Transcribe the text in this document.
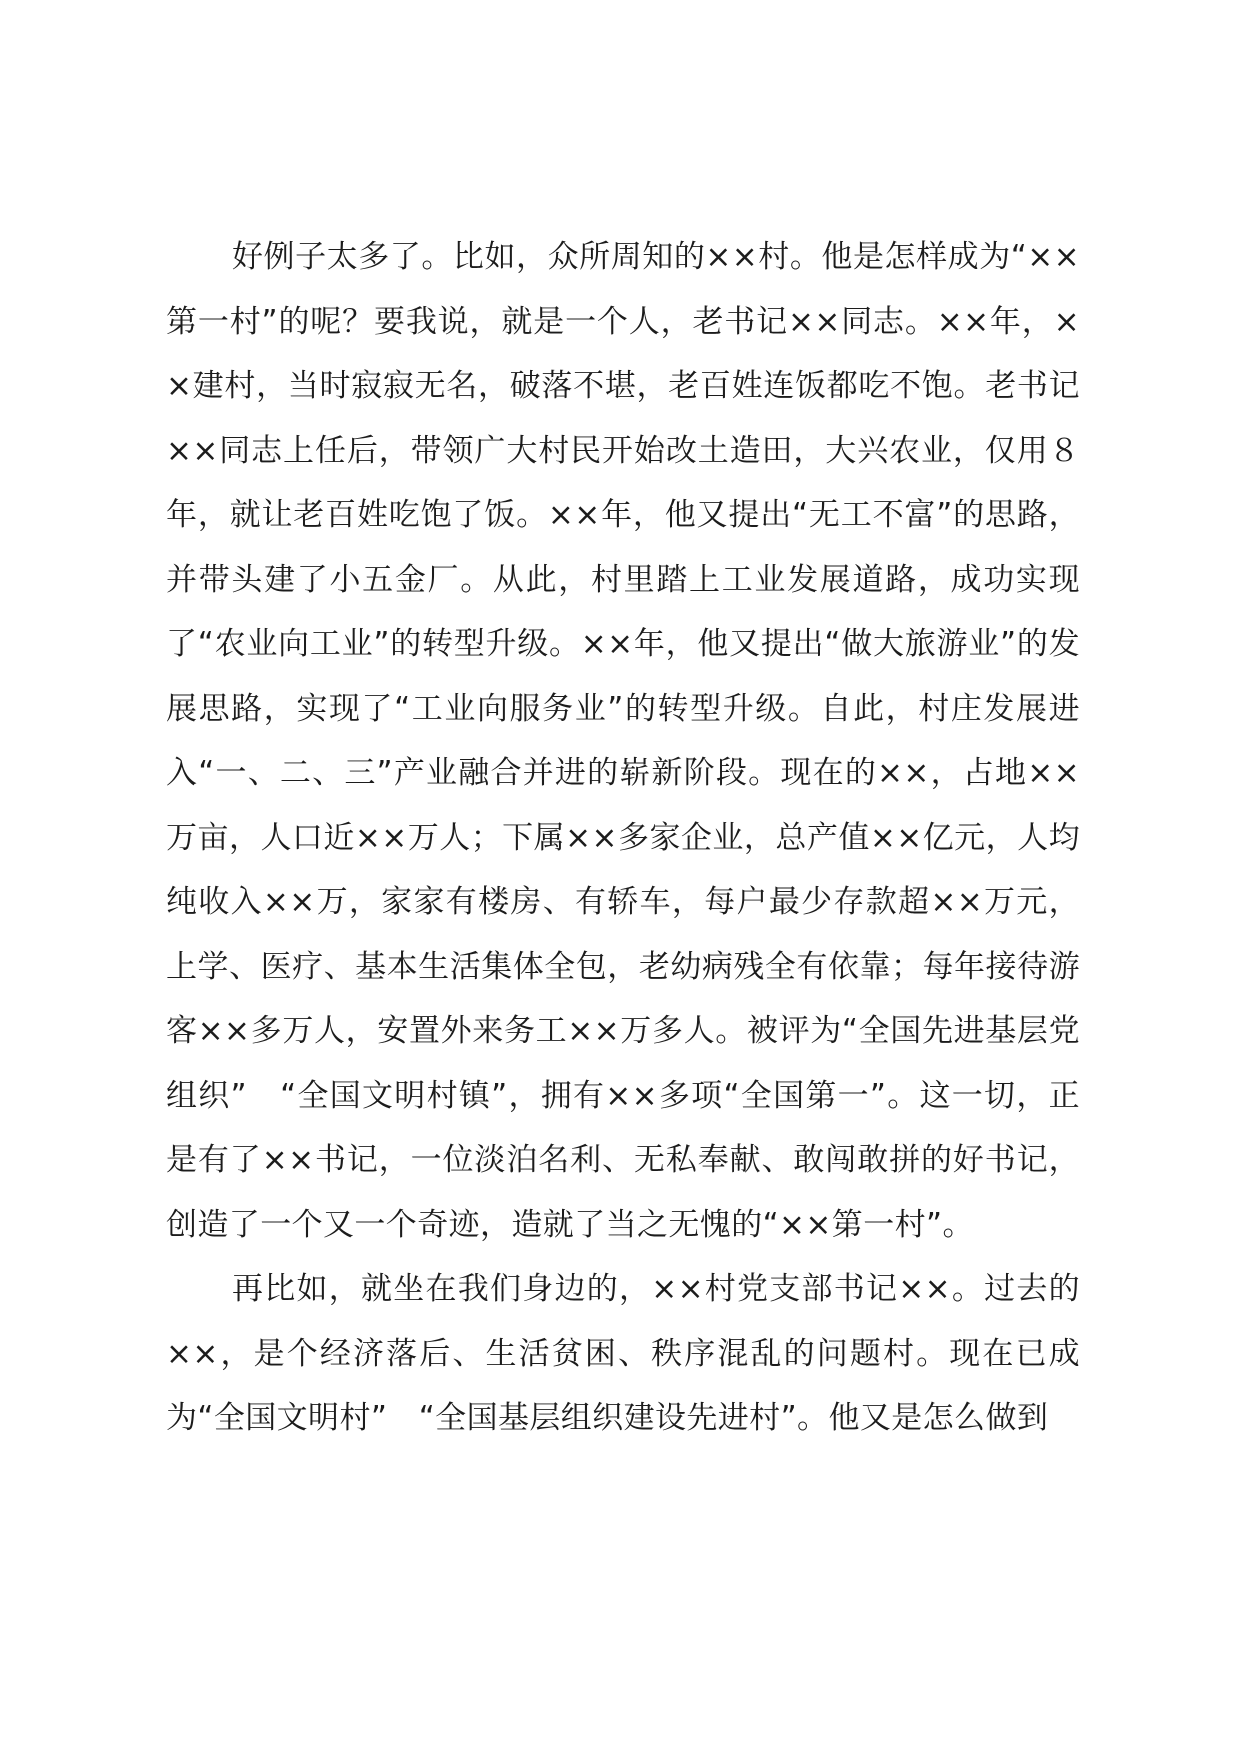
好例子太多了。比如，众所周知的××村。他是怎样成为“××第一村”的呢？要我说，就是一个人，老书记××同志。××年，××建村，当时寂寂无名，破落不堪，老百姓连饭都吃不饱。老书记××同志上任后，带领广大村民开始改土造田，大兴农业，仅用８年，就让老百姓吃饱了饭。××年，他又提出“无工不富”的思路，并带头建了小五金厂。从此，村里踏上工业发展道路，成功实现了“农业向工业”的转型升级。××年，他又提出“做大旅游业”的发展思路，实现了“工业向服务业”的转型升级。自此，村庄发展进入“一、二、三”产业融合并进的崭新阶段。现在的××，占地××万亩，人口近××万人；下属××多家企业，总产值××亿元，人均纯收入××万，家家有楼房、有轿车，每户最少存款超××万元，上学、医疗、基本生活集体全包，老幼病残全有依靠；每年接待游客××多万人，安置外来务工××万多人。被评为“全国先进基层党组织”　“全国文明村镇”，拥有××多项“全国第一”。这一切，正是有了××书记，一位淡泊名利、无私奉献、敢闯敢拼的好书记，创造了一个又一个奇迹，造就了当之无愧的“××第一村”。

再比如，就坐在我们身边的，××村党支部书记××。过去的××，是个经济落后、生活贫困、秩序混乱的问题村。现在已成为“全国文明村”　“全国基层组织建设先进村”。他又是怎么做到
